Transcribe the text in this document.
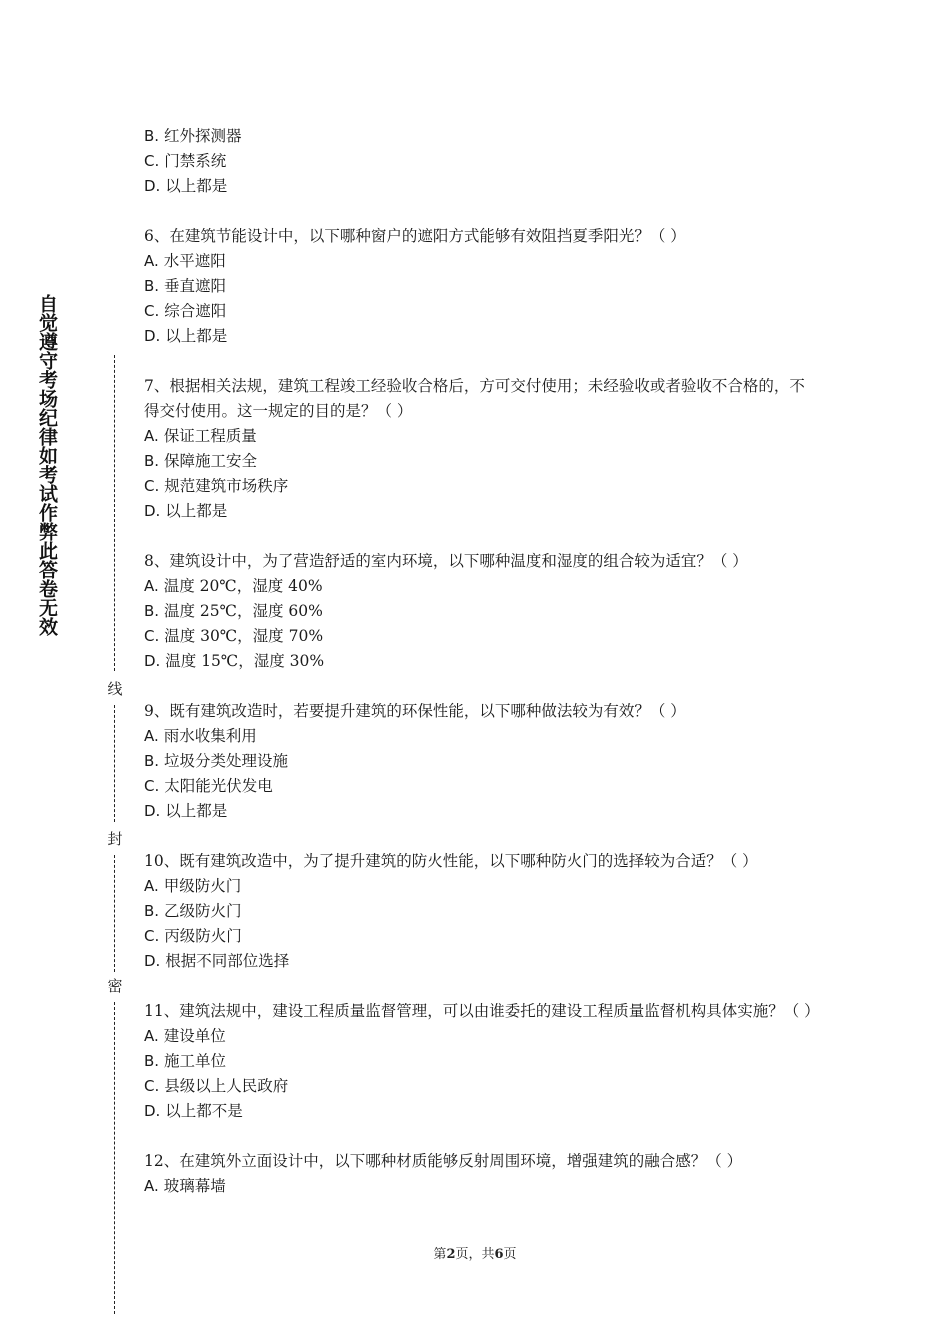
自觉遵守考场纪律如考试作弊此答卷无效
线
封
密
B. 红外探测器
C. 门禁系统
D. 以上都是
6、在建筑节能设计中，以下哪种窗户的遮阳方式能够有效阻挡夏季阳光？（ ）
A. 水平遮阳
B. 垂直遮阳
C. 综合遮阳
D. 以上都是
7、根据相关法规，建筑工程竣工经验收合格后，方可交付使用；未经验收或者验收不合格的，不得交付使用。这一规定的目的是？（ ）
A. 保证工程质量
B. 保障施工安全
C. 规范建筑市场秩序
D. 以上都是
8、建筑设计中，为了营造舒适的室内环境，以下哪种温度和湿度的组合较为适宜？（ ）
A. 温度 20℃，湿度 40%
B. 温度 25℃，湿度 60%
C. 温度 30℃，湿度 70%
D. 温度 15℃，湿度 30%
9、既有建筑改造时，若要提升建筑的环保性能，以下哪种做法较为有效？（ ）
A. 雨水收集利用
B. 垃圾分类处理设施
C. 太阳能光伏发电
D. 以上都是
10、既有建筑改造中，为了提升建筑的防火性能，以下哪种防火门的选择较为合适？（ ）
A. 甲级防火门
B. 乙级防火门
C. 丙级防火门
D. 根据不同部位选择
11、建筑法规中，建设工程质量监督管理，可以由谁委托的建设工程质量监督机构具体实施？（ ）
A. 建设单位
B. 施工单位
C. 县级以上人民政府
D. 以上都不是
12、在建筑外立面设计中，以下哪种材质能够反射周围环境，增强建筑的融合感？（ ）
A. 玻璃幕墙
第2页，共6页
